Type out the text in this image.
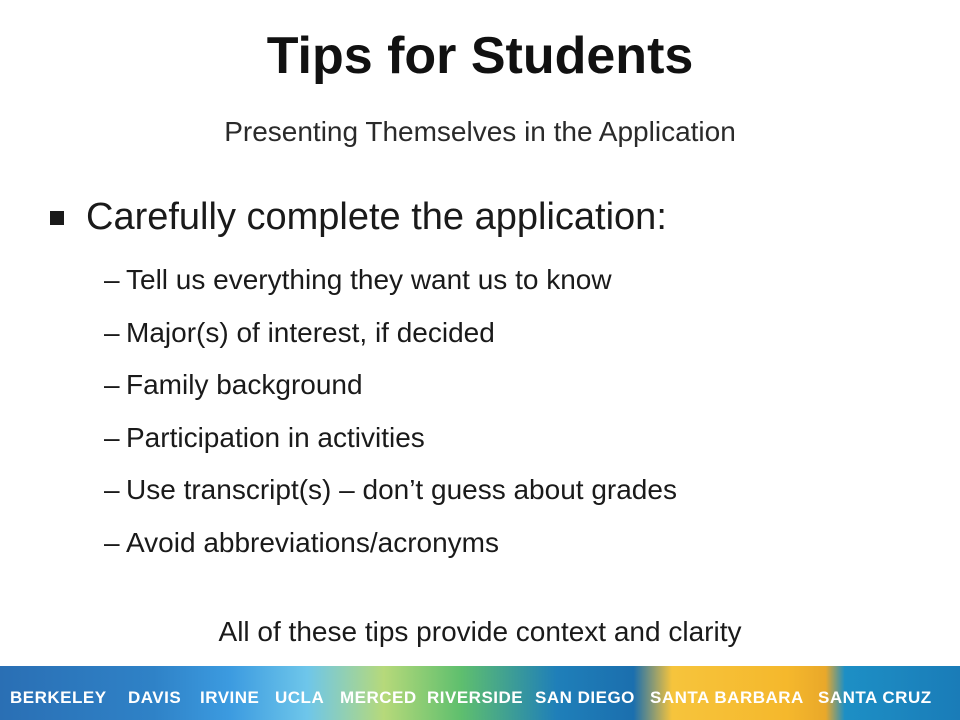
Tips for Students
Presenting Themselves in the Application
Carefully complete the application:
– Tell us everything they want us to know
– Major(s) of interest, if decided
– Family background
– Participation in activities
– Use transcript(s) – don’t guess about grades
– Avoid abbreviations/acronyms
All of these tips provide context and clarity
BERKELEY DAVIS IRVINE UCLA MERCED RIVERSIDE SAN DIEGO SANTA BARBARA SANTA CRUZ
